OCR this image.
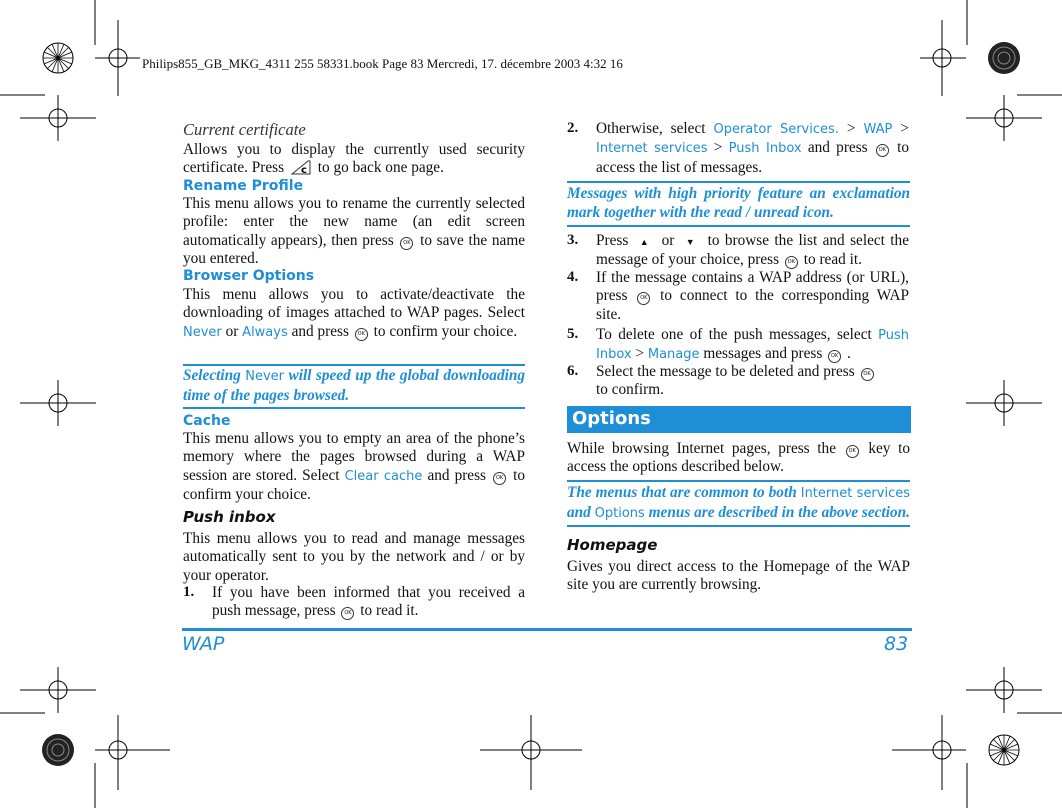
Philips855_GB_MKG_4311 255 58331.book Page 83 Mercredi, 17. décembre 2003 4:32 16
Current certificate
Allows you to display the currently used security certificate. Press c to go back one page.
Rename Profile
This menu allows you to rename the currently selected profile: enter the new name (an edit screen automatically appears), then press OK to save the name you entered.
Browser Options
This menu allows you to activate/deactivate the downloading of images attached to WAP pages. Select Never or Always and press OK to confirm your choice.
Selecting Never will speed up the global downloading time of the pages browsed.
Cache
This menu allows you to empty an area of the phone’s memory where the pages browsed during a WAP session are stored. Select Clear cache and press OK to confirm your choice.
Push inbox
This menu allows you to read and manage messages automatically sent to you by the network and / or by your operator.
1. If you have been informed that you received a push message, press OK to read it.
2. Otherwise, select Operator Services. > WAP > Internet services > Push Inbox and press OK to access the list of messages.
Messages with high priority feature an exclamation mark together with the read / unread icon.
3. Press ▲ or ▼ to browse the list and select the message of your choice, press OK to read it.
4. If the message contains a WAP address (or URL), press	OK to connect to the corresponding WAP site.
5. To delete one of the push messages, select Push Inbox > Manage messages and press OK .
6. Select the message to be deleted and press OK
to confirm.
Options
While browsing Internet pages, press the	OK key to access the options described below.
The menus that are common to both Internet services and Options menus are described in the above section.
Homepage
Gives you direct access to the Homepage of the WAP site you are currently browsing.
WAP	83
